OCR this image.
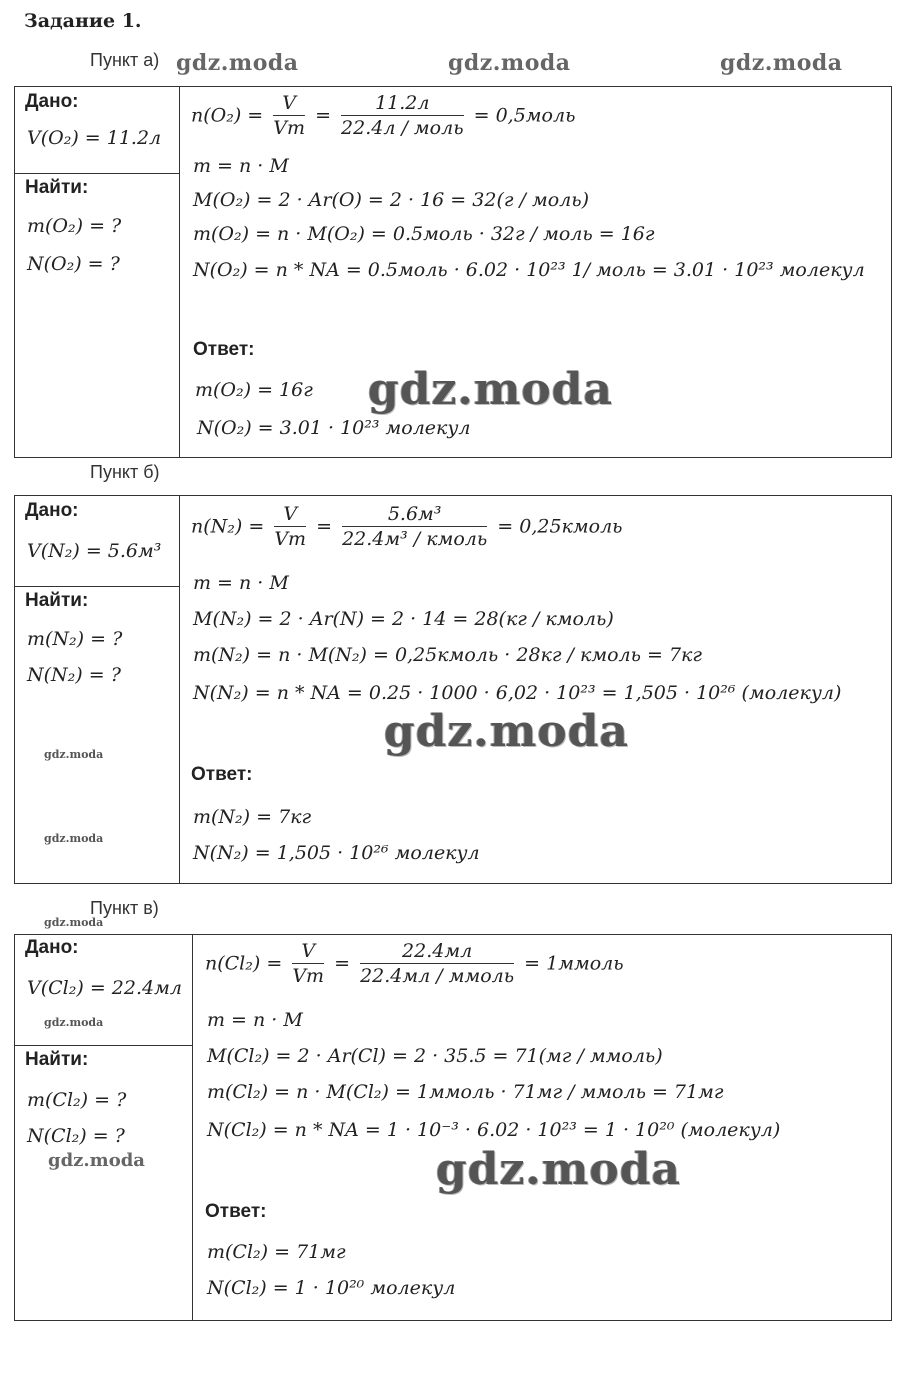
Задание 1.
Пункт а) gdz.moda	gdz.moda	gdz.moda
Дано:
V(O₂) = 11.2л
Найти:
m(O₂) = ?
N(O₂) = ?
$n(O_2) = \frac{V}{Vm} = \frac{11.2л}{\text{22.4л / моль}}$ = 0,5моль
m = n · M
M(O₂) = 2 · Ar(O) = 2 · 16 = 32(г / моль)
m(O₂) = n · M(O₂) = 0.5моль · 32г / моль = 16г
N(O₂) = n * NA = 0.5моль · 6.02 · 10²³ 1/ моль = 3.01 · 10²³ молекул
Ответ:
m(O₂) = 16г
N(O₂) = 3.01 · 10²³ молекул
gdz.moda
Пункт б)
Дано:
V(N₂) = 5.6м³
Найти:
m(N₂) = ?
N(N₂) = ?
$n(N_2) = \frac{V}{Vm} = \frac{\text{5.6м³}}{\text{22.4м³ / кмоль}}$ = 0,25кмоль
m = n · M
M(N₂) = 2 · Ar(N) = 2 · 14 = 28(кг / кмоль)
m(N₂) = n · M(N₂) = 0,25кмоль · 28кг / кмоль = 7кг
N(N₂) = n * NA = 0.25 · 1000 · 6,02 · 10²³ = 1,505 · 10²⁶ (молекул)
Ответ:
m(N₂) = 7кг
N(N₂) = 1,505 · 10²⁶ молекул
gdz.moda
gdz.moda
gdz.moda
Пункт в)
gdz.moda
Дано:
V(Cl₂) = 22.4мл
Найти:
m(Cl₂) = ?
N(Cl₂) = ?
$n(Cl_2) = \frac{V}{Vm} = \frac{22.4мл}{\text{22.4мл / ммоль}}$ = 1ммоль
m = n · M
M(Cl₂) = 2 · Ar(Cl) = 2 · 35.5 = 71(мг / ммоль)
m(Cl₂) = n · M(Cl₂) = 1ммоль · 71мг / ммоль = 71мг
N(Cl₂) = n * NA = 1 · 10⁻³ · 6.02 · 10²³ = 1 · 10²⁰ (молекул)
Ответ:
m(Cl₂) = 71мг
N(Cl₂) = 1 · 10²⁰ молекул
gdz.moda
gdz.moda	gdz.moda
